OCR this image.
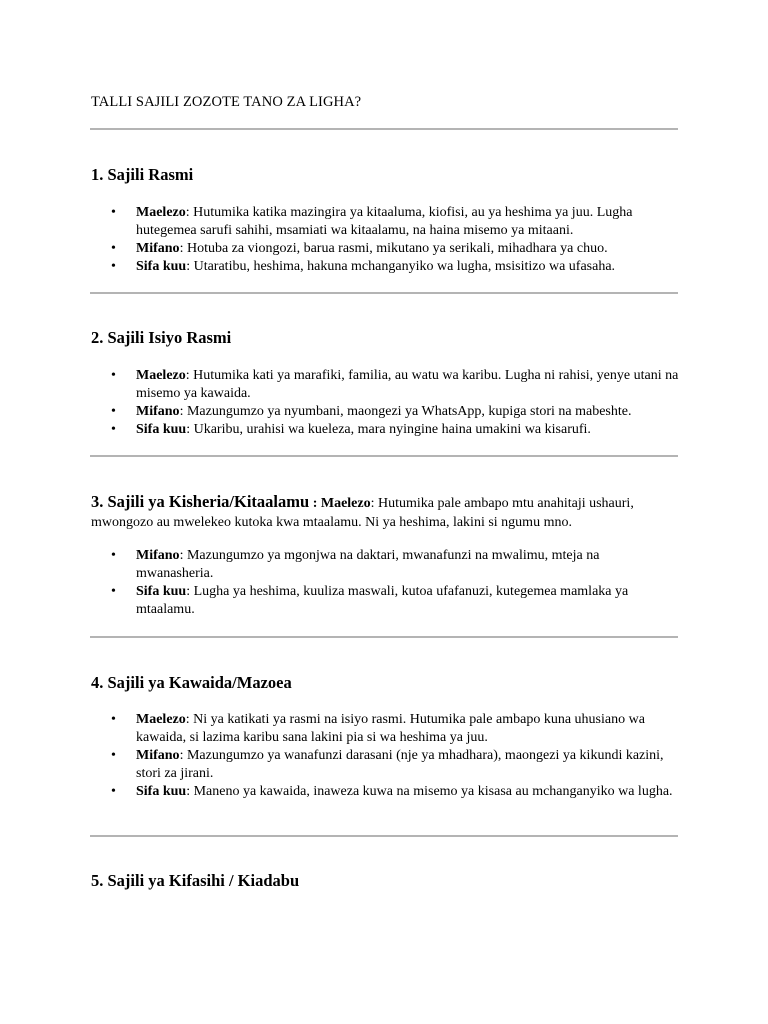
TALLI SAJILI ZOZOTE TANO ZA LIGHA?
1. Sajili Rasmi
• Maelezo: Hutumika katika mazingira ya kitaaluma, kiofisi, au ya heshima ya juu. Lugha hutegemea sarufi sahihi, msamiati wa kitaalamu, na haina misemo ya mitaani.
• Mifano: Hotuba za viongozi, barua rasmi, mikutano ya serikali, mihadhara ya chuo.
• Sifa kuu: Utaratibu, heshima, hakuna mchanganyiko wa lugha, msisitizo wa ufasaha.
2. Sajili Isiyo Rasmi
• Maelezo: Hutumika kati ya marafiki, familia, au watu wa karibu. Lugha ni rahisi, yenye utani na misemo ya kawaida.
• Mifano: Mazungumzo ya nyumbani, maongezi ya WhatsApp, kupiga stori na mabeshte.
• Sifa kuu: Ukaribu, urahisi wa kueleza, mara nyingine haina umakini wa kisarufi.

3. Sajili ya Kisheria/Kitaalamu : Maelezo: Hutumika pale ambapo mtu anahitaji ushauri, mwongozo au mwelekeo kutoka kwa mtaalamu. Ni ya heshima, lakini si ngumu mno.

• Mifano: Mazungumzo ya mgonjwa na daktari, mwanafunzi na mwalimu, mteja na mwanasheria.
• Sifa kuu: Lugha ya heshima, kuuliza maswali, kutoa ufafanuzi, kutegemea mamlaka ya mtaalamu.
4. Sajili ya Kawaida/Mazoea
• Maelezo: Ni ya katikati ya rasmi na isiyo rasmi. Hutumika pale ambapo kuna uhusiano wa kawaida, si lazima karibu sana lakini pia si wa heshima ya juu.
• Mifano: Mazungumzo ya wanafunzi darasani (nje ya mhadhara), maongezi ya kikundi kazini, stori za jirani.
• Sifa kuu: Maneno ya kawaida, inaweza kuwa na misemo ya kisasa au mchanganyiko wa lugha.
5. Sajili ya Kifasihi / Kiadabu
